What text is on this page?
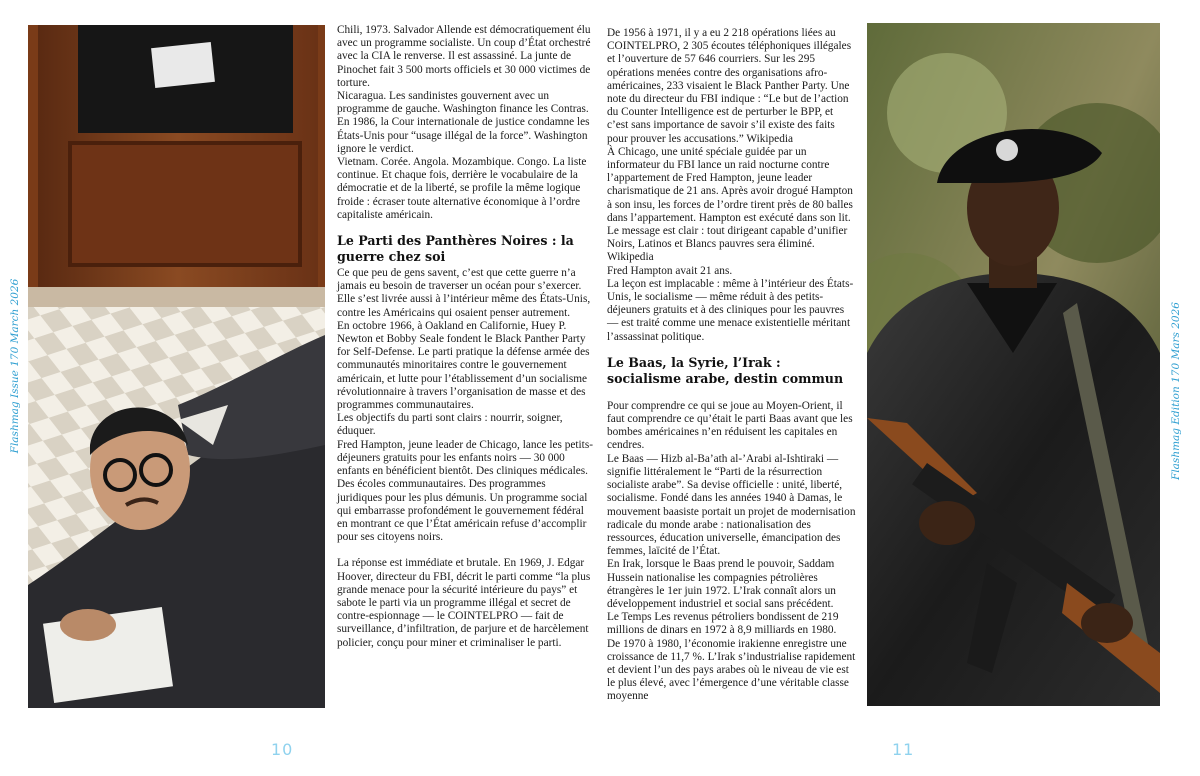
Chili, 1973. Salvador Allende est démocratiquement élu avec un programme socialiste. Un coup d’État orchestré avec la CIA le renverse. Il est assassiné. La junte de Pinochet fait 3 500 morts officiels et 30 000 victimes de torture.

Nicaragua. Les sandinistes gouvernent avec un programme de gauche. Washington finance les Contras. En 1986, la Cour internationale de justice condamne les États-Unis pour “usage illégal de la force”. Washington ignore le verdict.

Vietnam. Corée. Angola. Mozambique. Congo. La liste continue. Et chaque fois, derrière le vocabulaire de la démocratie et de la liberté, se profile la même logique froide : écraser toute alternative économique à l’ordre capitaliste américain.

Le Parti des Panthères Noires : la guerre chez soi

Ce que peu de gens savent, c’est que cette guerre n’a jamais eu besoin de traverser un océan pour s’exercer. Elle s’est livrée aussi à l’intérieur même des États-Unis, contre les Américains qui osaient penser autrement.

En octobre 1966, à Oakland en Californie, Huey P. Newton et Bobby Seale fondent le Black Panther Party for Self-Defense. Le parti pratique la défense armée des communautés minoritaires contre le gouvernement américain, et lutte pour l’établissement d’un socialisme révolutionnaire à travers l’organisation de masse et des programmes communautaires.

Les objectifs du parti sont clairs : nourrir, soigner, éduquer.

Fred Hampton, jeune leader de Chicago, lance les petits-déjeuners gratuits pour les enfants noirs — 30 000 enfants en bénéficient bientôt. Des cliniques médicales. Des écoles communautaires. Des programmes juridiques pour les plus démunis. Un programme social qui embarrasse profondément le gouvernement fédéral en montrant ce que l’État américain refuse d’accomplir pour ses citoyens noirs.

La réponse est immédiate et brutale. En 1969, J. Edgar Hoover, directeur du FBI, décrit le parti comme “la plus grande menace pour la sécurité intérieure du pays” et sabote le parti via un programme illégal et secret de contre-espionnage — le COINTELPRO — fait de surveillance, d’infiltration, de parjure et de harcèlement policier, conçu pour miner et criminaliser le parti.

De 1956 à 1971, il y a eu 2 218 opérations liées au COINTELPRO, 2 305 écoutes téléphoniques illégales et l’ouverture de 57 646 courriers. Sur les 295 opérations menées contre des organisations afro-américaines, 233 visaient le Black Panther Party. Une note du directeur du FBI indique : “Le but de l’action du Counter Intelligence est de perturber le BPP, et c’est sans importance de savoir s’il existe des faits pour prouver les accusations.” Wikipedia

À Chicago, une unité spéciale guidée par un informateur du FBI lance un raid nocturne contre l’appartement de Fred Hampton, jeune leader charismatique de 21 ans. Après avoir drogué Hampton à son insu, les forces de l’ordre tirent près de 80 balles dans l’appartement. Hampton est exécuté dans son lit. Le message est clair : tout dirigeant capable d’unifier Noirs, Latinos et Blancs pauvres sera éliminé. Wikipedia

Fred Hampton avait 21 ans.

La leçon est implacable : même à l’intérieur des États-Unis, le socialisme — même réduit à des petits-déjeuners gratuits et à des cliniques pour les pauvres — est traité comme une menace existentielle méritant l’assassinat politique.

Le Baas, la Syrie, l’Irak : socialisme arabe, destin commun

Pour comprendre ce qui se joue au Moyen-Orient, il faut comprendre ce qu’était le parti Baas avant que les bombes américaines n’en réduisent les capitales en cendres.

Le Baas — Hizb al-Ba’ath al-’Arabi al-Ishtiraki — signifie littéralement le “Parti de la résurrection socialiste arabe”. Sa devise officielle : unité, liberté, socialisme. Fondé dans les années 1940 à Damas, le mouvement baasiste portait un projet de modernisation radicale du monde arabe : nationalisation des ressources, éducation universelle, émancipation des femmes, laïcité de l’État.

En Irak, lorsque le Baas prend le pouvoir, Saddam Hussein nationalise les compagnies pétrolières étrangères le 1er juin 1972. L’Irak connaît alors un développement industriel et social sans précédent.

Le Temps Les revenus pétroliers bondissent de 219 millions de dinars en 1972 à 8,9 milliards en 1980.

De 1970 à 1980, l’économie irakienne enregistre une croissance de 11,7 %. L’Irak s’industrialise rapidement et devient l’un des pays arabes où le niveau de vie est le plus élevé, avec l’émergence d’une véritable classe moyenne

Flashmag Issue 170 March 2026	Flashmag Edition 170 Mars 2026
10	11
